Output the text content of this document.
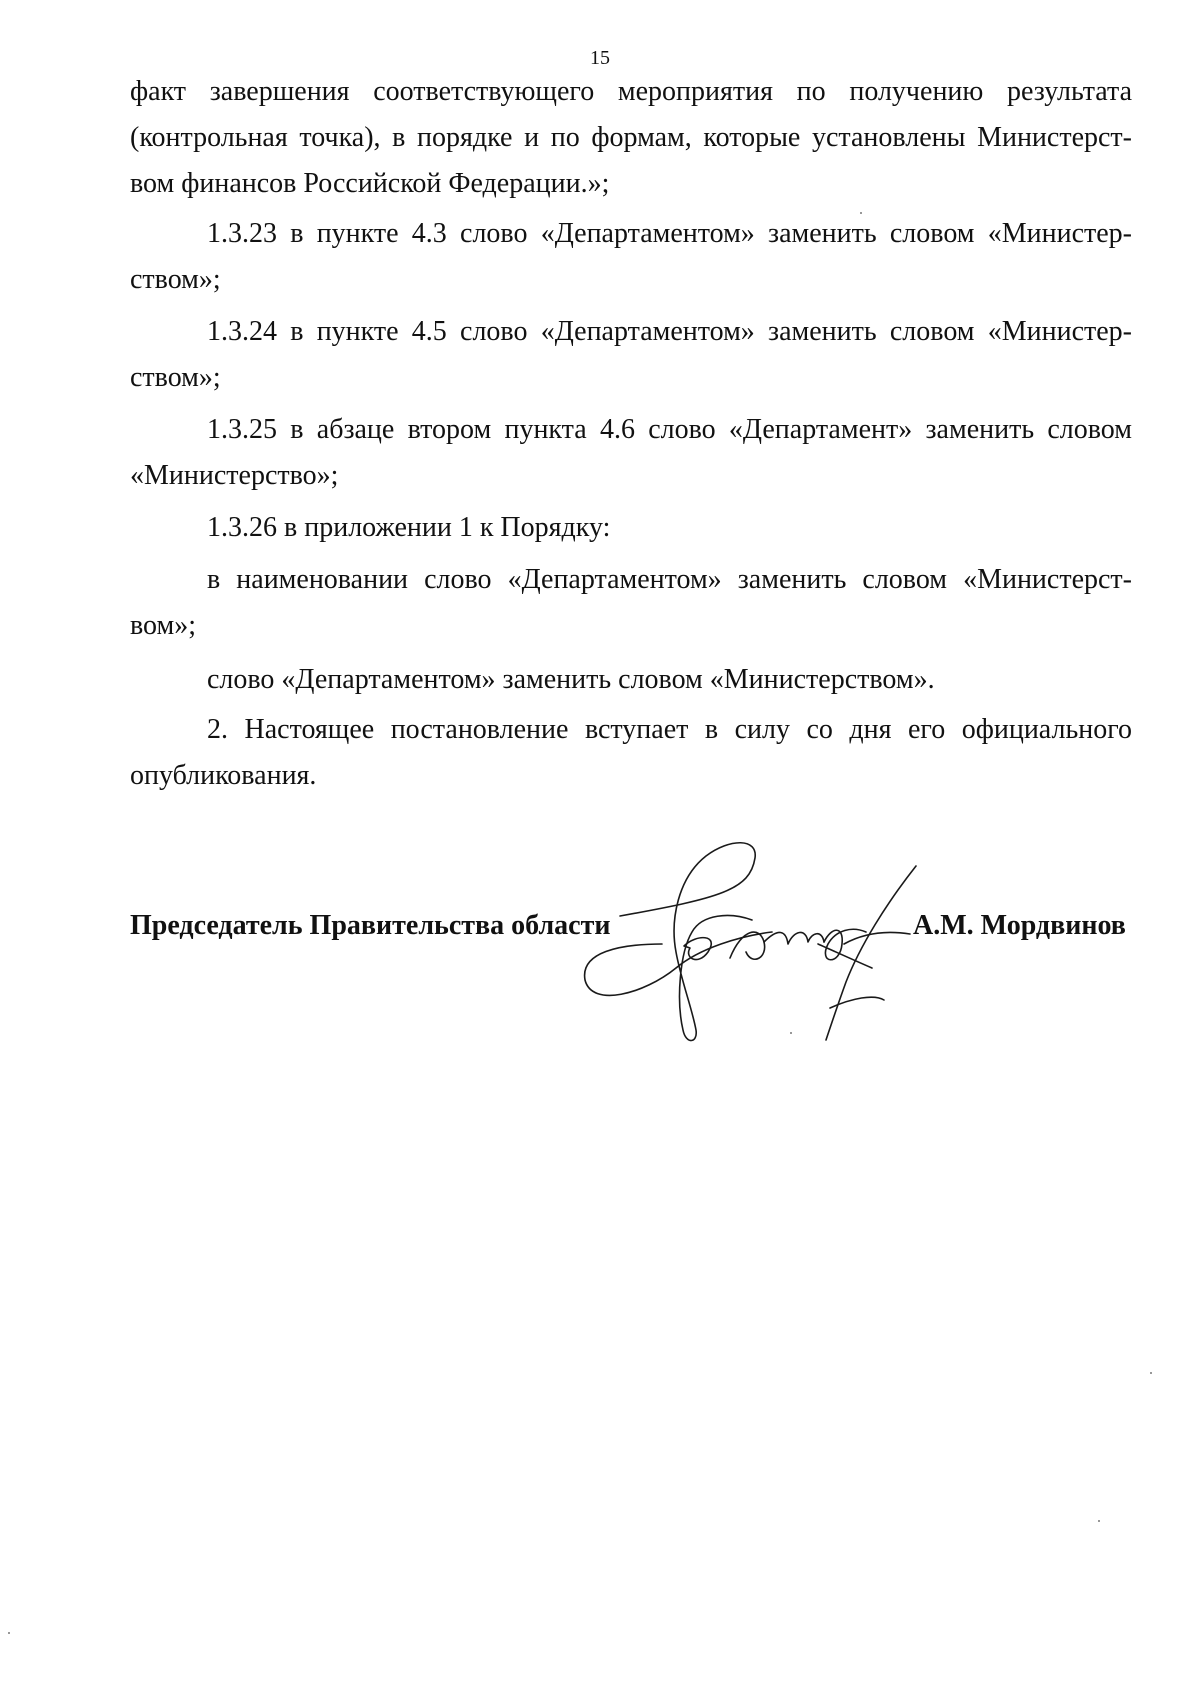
15
факт завершения соответствующего мероприятия по получению результата
(контрольная точка), в порядке и по формам, которые установлены Министерст-
вом финансов Российской Федерации.»;
1.3.23 в пункте 4.3 слово «Департаментом» заменить словом «Министер-
ством»;
1.3.24 в пункте 4.5 слово «Департаментом» заменить словом «Министер-
ством»;
1.3.25 в абзаце втором пункта 4.6 слово «Департамент» заменить словом
«Министерство»;
1.3.26 в приложении 1 к Порядку:
в наименовании слово «Департаментом» заменить словом «Министерст-
вом»;
слово «Департаментом» заменить словом «Министерством».
2. Настоящее постановление вступает в силу со дня его официального
опубликования.
Председатель Правительства области	А.М. Мордвинов
